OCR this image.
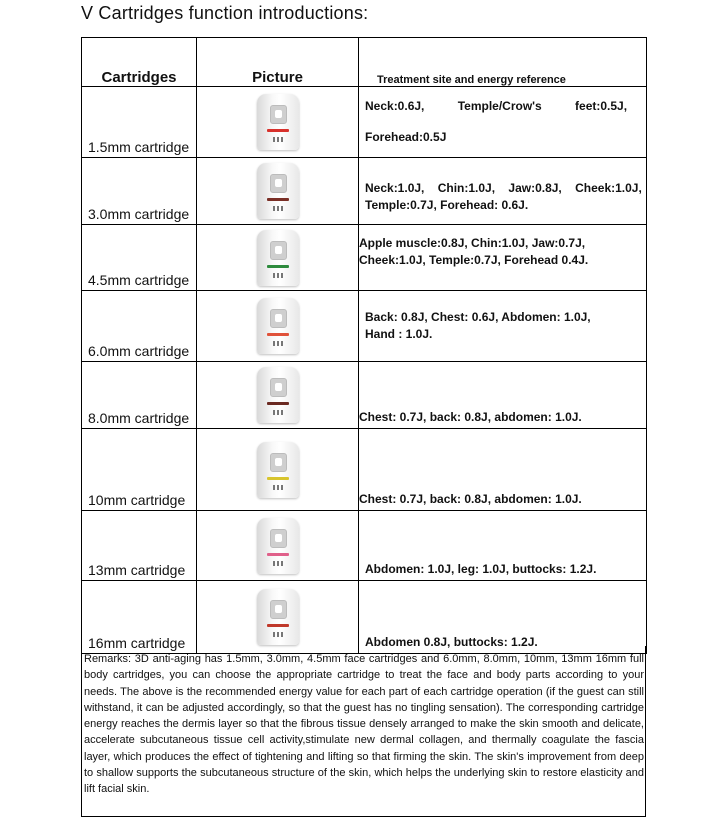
V Cartridges function introductions:
Cartridges	Picture	Treatment site and energy reference
1.5mm cartridge		Neck:0.6J,          Temple/Crow's          feet:0.5J,
Forehead:0.5J

3.0mm cartridge		Neck:1.0J,    Chin:1.0J,    Jaw:0.8J,    Cheek:1.0J,
Temple:0.7J, Forehead: 0.6J.

4.5mm cartridge		Apple muscle:0.8J, Chin:1.0J, Jaw:0.7J,
Cheek:1.0J, Temple:0.7J, Forehead 0.4J.

6.0mm cartridge		Back: 0.8J, Chest: 0.6J, Abdomen: 1.0J,
Hand : 1.0J.

8.0mm cartridge		Chest: 0.7J, back: 0.8J, abdomen: 1.0J.

10mm cartridge		Chest: 0.7J, back: 0.8J, abdomen: 1.0J.

13mm cartridge		Abdomen: 1.0J, leg: 1.0J, buttocks: 1.2J.

16mm cartridge		Abdomen 0.8J, buttocks: 1.2J.
Remarks: 3D anti-aging has 1.5mm, 3.0mm, 4.5mm face cartridges and 6.0mm, 8.0mm, 10mm, 13mm 16mm full body cartridges, you can choose the appropriate cartridge to treat the face and body parts according to your needs. The above is the recommended energy value for each part of each cartridge operation (if the guest can still withstand, it can be adjusted accordingly, so that the guest has no tingling sensation). The corresponding cartridge energy reaches the dermis layer so that the fibrous tissue densely arranged to make the skin smooth and delicate, accelerate subcutaneous tissue cell activity,stimulate new dermal collagen, and thermally coagulate the fascia layer, which produces the effect of tightening and lifting so that firming the skin. The skin's improvement from deep to shallow supports the subcutaneous structure of the skin, which helps the underlying skin to restore elasticity and lift facial skin.
